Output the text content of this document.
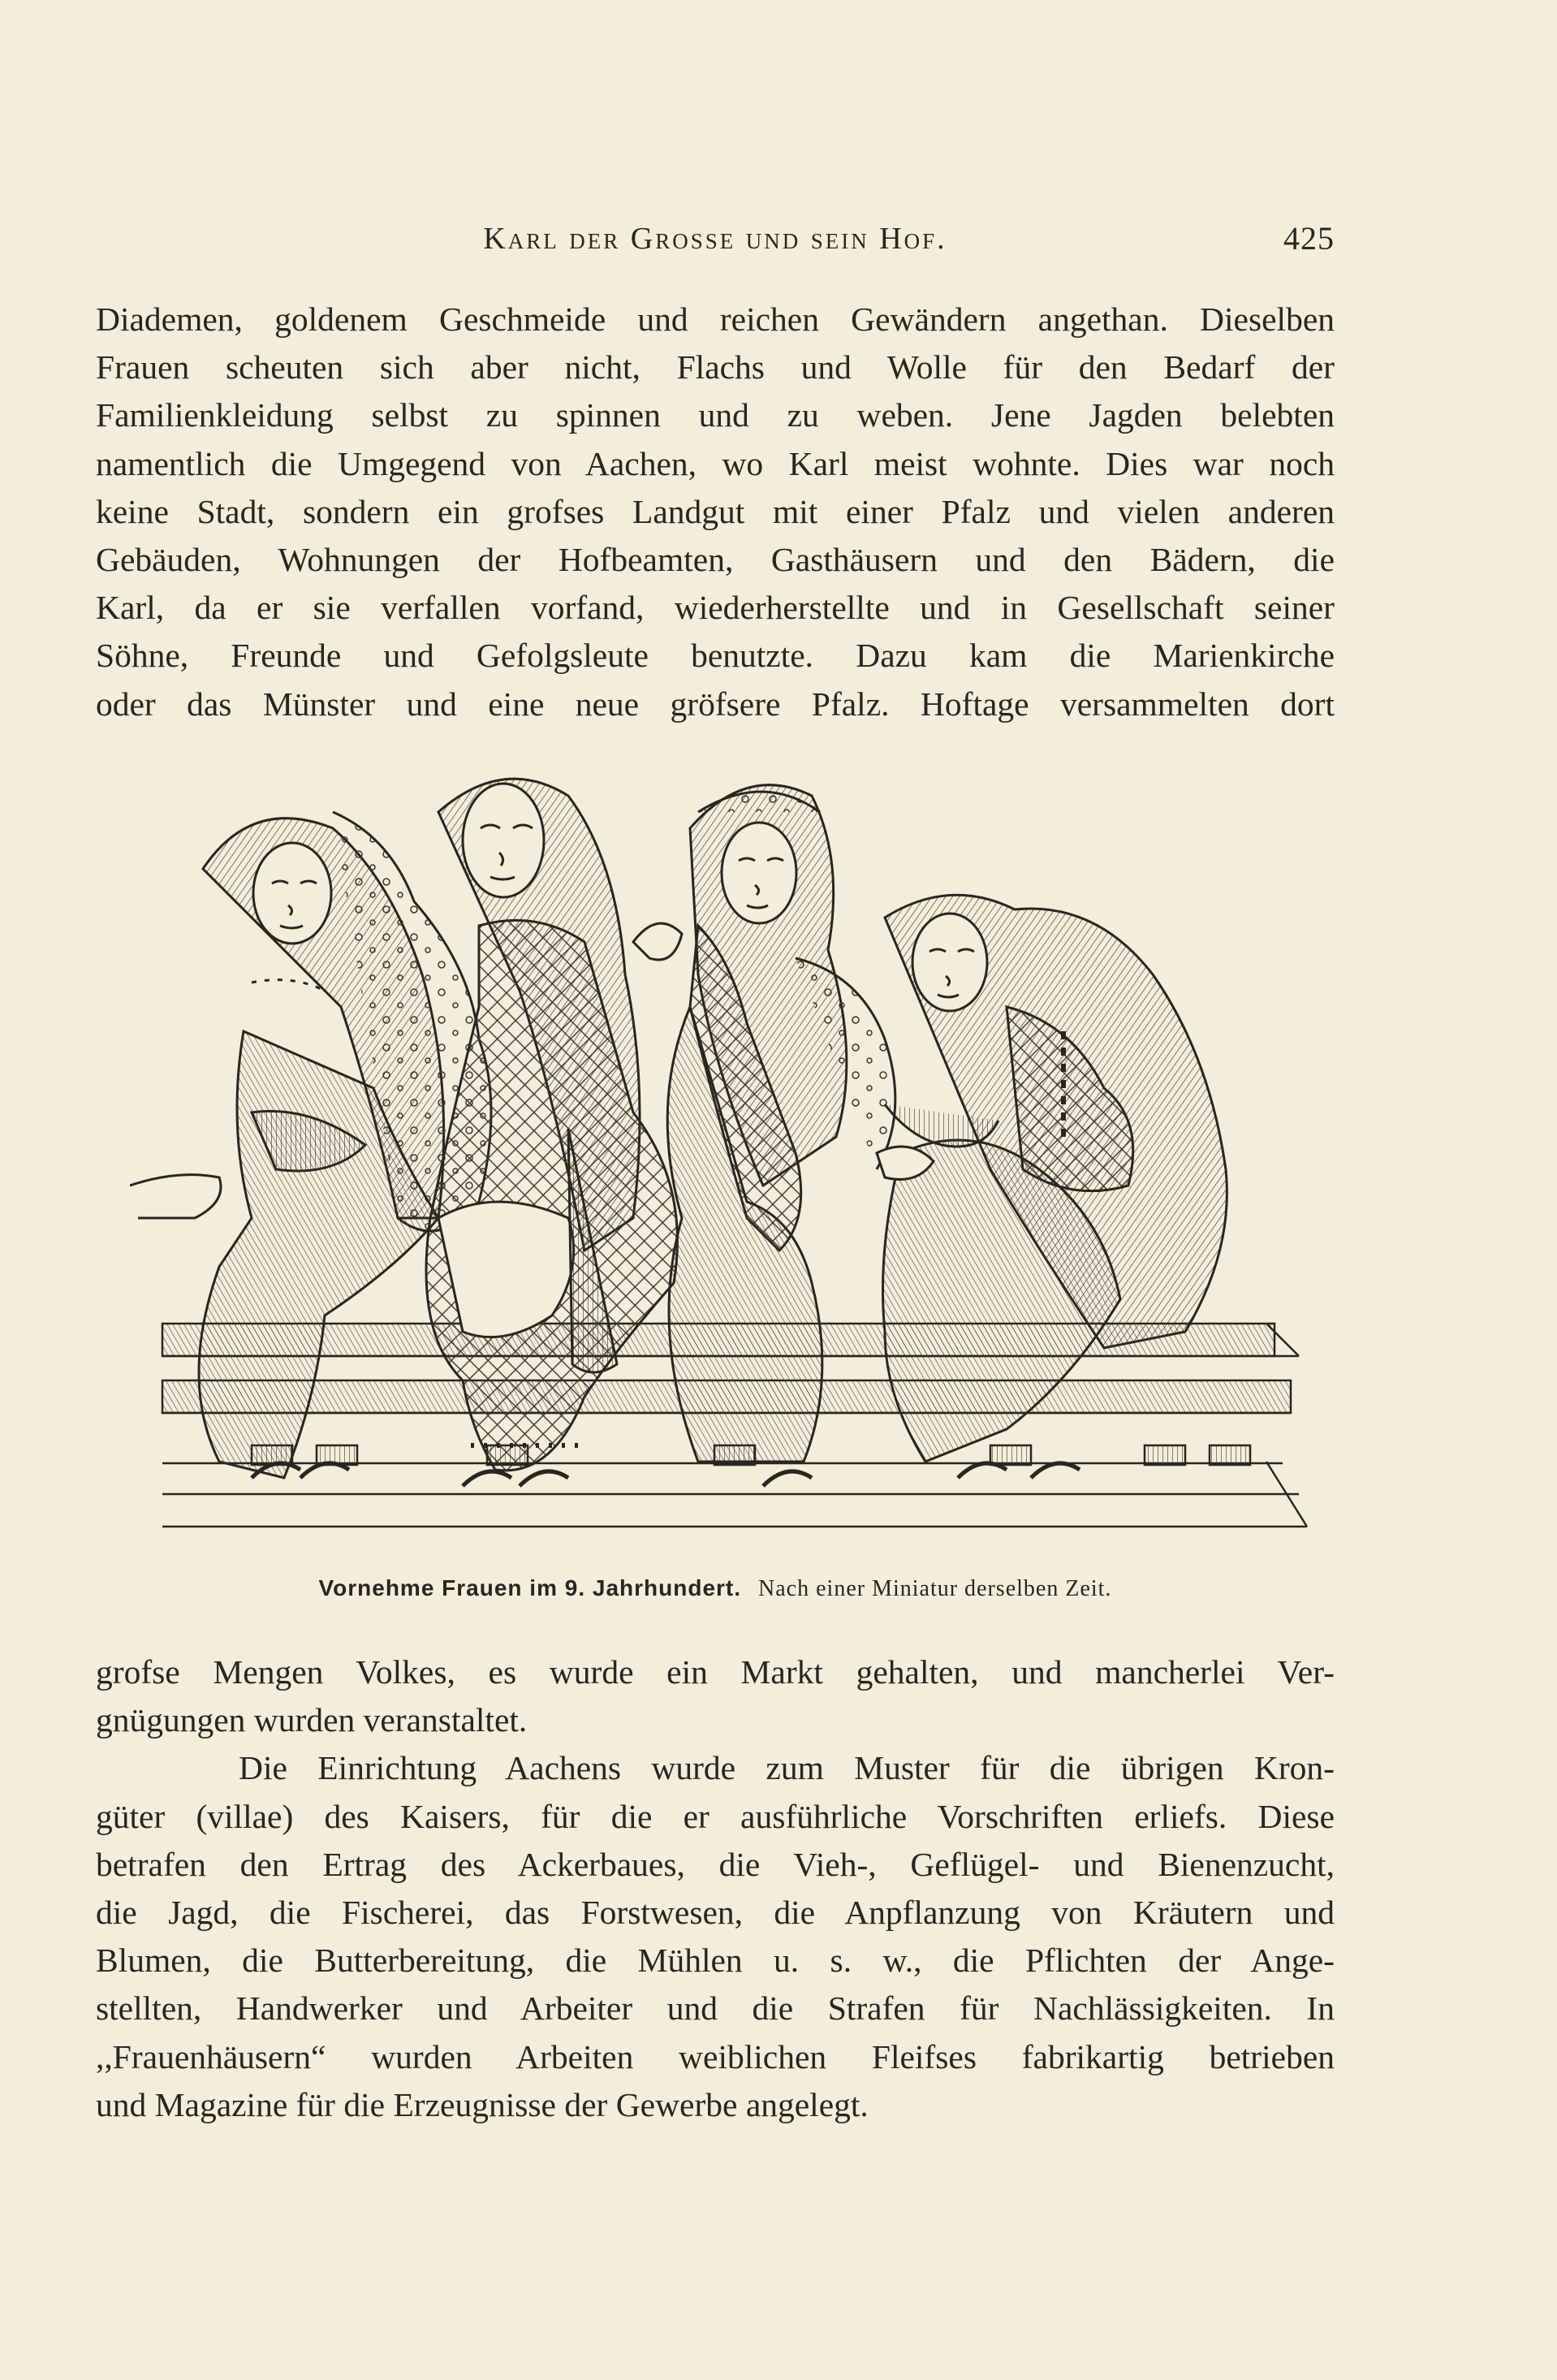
Karl der Grosse und sein Hof.	425
Diademen, goldenem Geschmeide und reichen Gewändern angethan. Dieselben
Frauen scheuten sich aber nicht, Flachs und Wolle für den Bedarf der
Familienkleidung selbst zu spinnen und zu weben. Jene Jagden belebten
namentlich die Umgegend von Aachen, wo Karl meist wohnte. Dies war noch
keine Stadt, sondern ein grofses Landgut mit einer Pfalz und vielen anderen
Gebäuden, Wohnungen der Hofbeamten, Gasthäusern und den Bädern, die
Karl, da er sie verfallen vorfand, wiederherstellte und in Gesellschaft seiner
Söhne, Freunde und Gefolgsleute benutzte. Dazu kam die Marienkirche
oder das Münster und eine neue gröfsere Pfalz. Hoftage versammelten dort
Vornehme Frauen im 9. Jahrhundert. Nach einer Miniatur derselben Zeit.
grofse Mengen Volkes, es wurde ein Markt gehalten, und mancherlei Ver-
gnügungen wurden veranstaltet.
Die Einrichtung Aachens wurde zum Muster für die übrigen Kron-
güter (villae) des Kaisers, für die er ausführliche Vorschriften erliefs. Diese
betrafen den Ertrag des Ackerbaues, die Vieh-, Geflügel- und Bienenzucht,
die Jagd, die Fischerei, das Forstwesen, die Anpflanzung von Kräutern und
Blumen, die Butterbereitung, die Mühlen u. s. w., die Pflichten der Ange-
stellten, Handwerker und Arbeiter und die Strafen für Nachlässigkeiten. In
,,Frauenhäusern“ wurden Arbeiten weiblichen Fleifses fabrikartig betrieben
und Magazine für die Erzeugnisse der Gewerbe angelegt.
